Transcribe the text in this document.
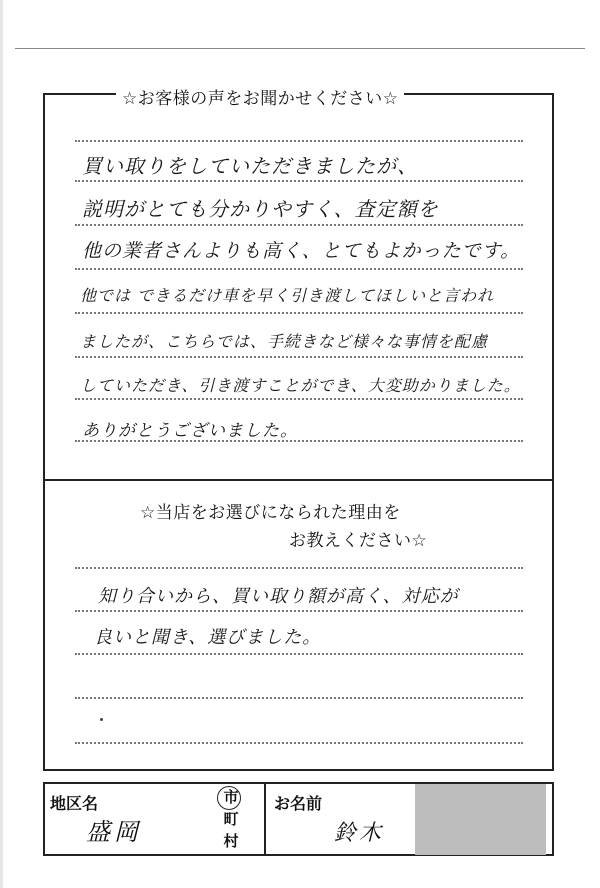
☆お客様の声をお聞かせください☆
買い取りをしていただきましたが、
説明がとても分かりやすく、査定額を
他の業者さんよりも高く、とてもよかったです。
他では できるだけ車を早く引き渡してほしいと言われ
ましたが、こちらでは、手続きなど様々な事情を配慮
していただき、引き渡すことができ、大変助かりました。
ありがとうございました。
☆当店をお選びになられた理由を
お教えください☆
知り合いから、買い取り額が高く、対応が
良いと聞き、選びました。
地区名	市
町
村
盛岡
お名前
鈴木
